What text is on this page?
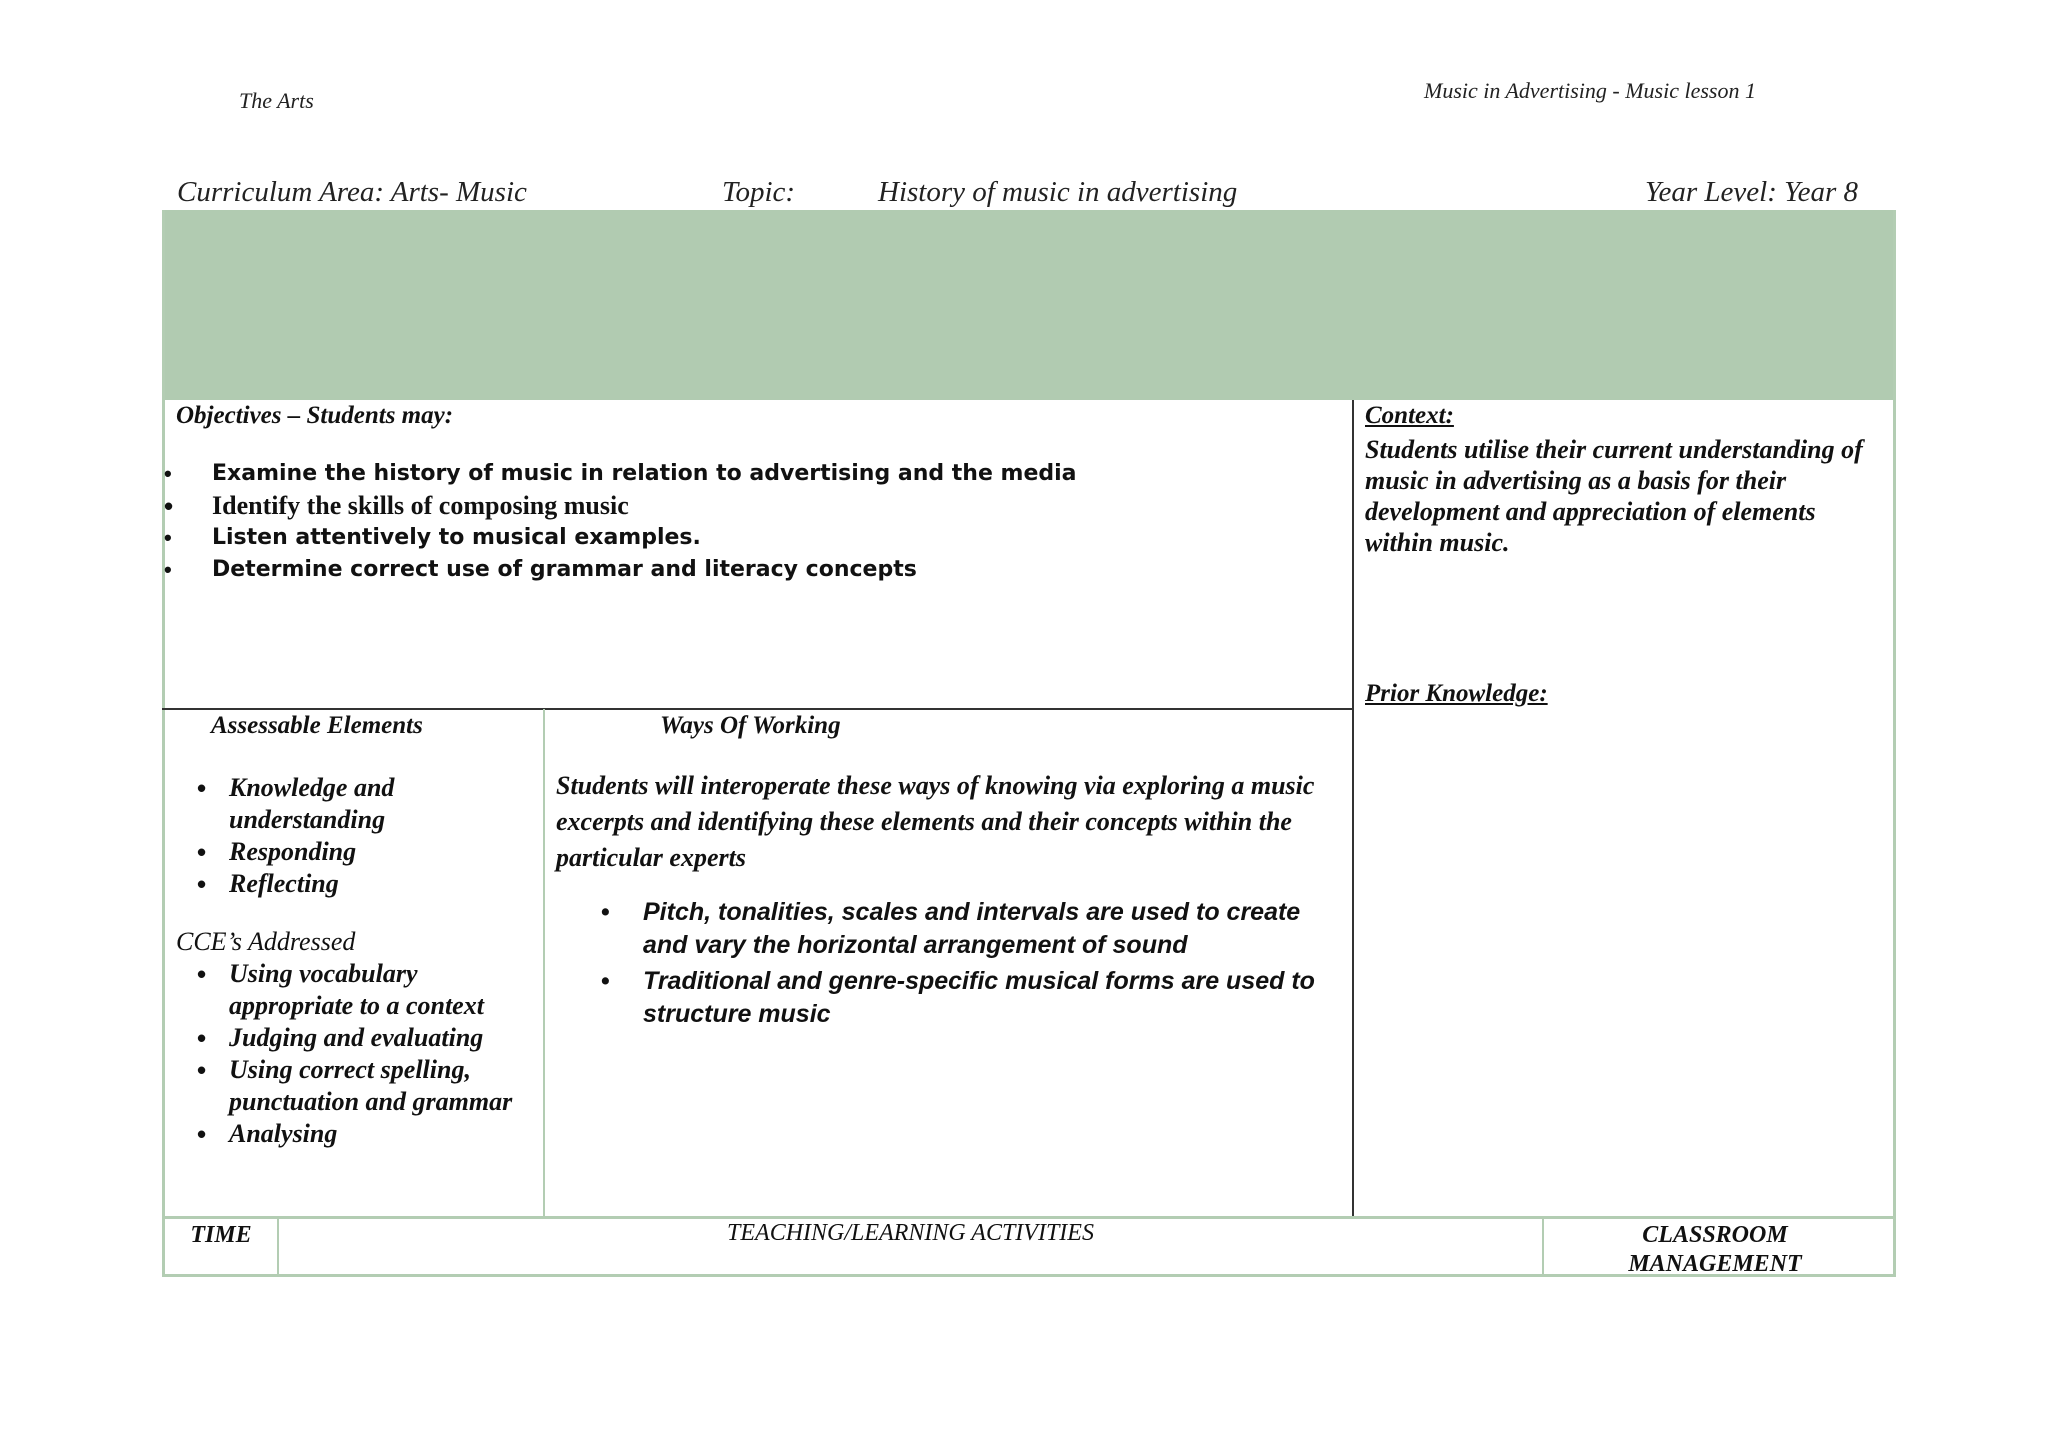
The Arts	Music in Advertising - Music lesson 1
Curriculum Area: Arts- Music	Topic:	History of music in advertising	Year Level: Year 8
Objectives – Students may:
• Examine the history of music in relation to advertising and the media
• Identify the skills of composing music
• Listen attentively to musical examples.
• Determine correct use of grammar and literacy concepts
Context:
Students utilise their current understanding of music in advertising as a basis for their development and appreciation of elements within music.
Prior Knowledge:
Assessable Elements
• Knowledge and understanding
• Responding
• Reflecting
CCE’s Addressed
• Using vocabulary appropriate to a context
• Judging and evaluating
• Using correct spelling, punctuation and grammar
• Analysing
Ways Of Working
Students will interoperate these ways of knowing via exploring a music excerpts and identifying these elements and their concepts within the particular experts
• Pitch, tonalities, scales and intervals are used to create and vary the horizontal arrangement of sound
• Traditional and genre-specific musical forms are used to structure music
TIME	TEACHING/LEARNING ACTIVITIES	CLASSROOM MANAGEMENT
